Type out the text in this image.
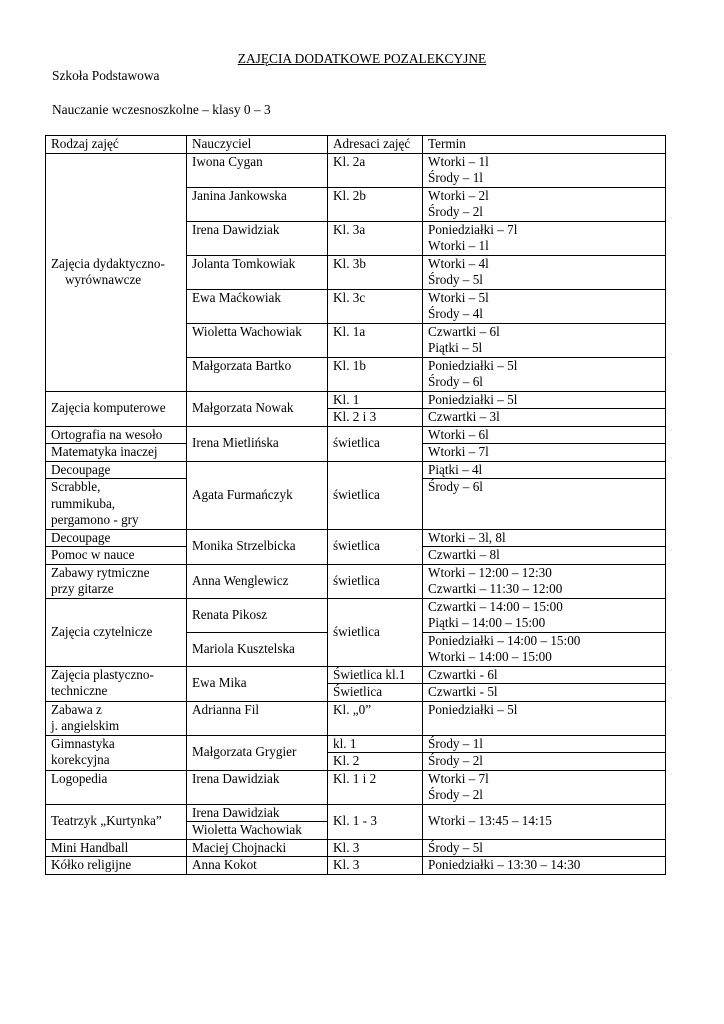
ZAJĘCIA DODATKOWE POZALEKCYJNE
Szkoła Podstawowa
Nauczanie wczesnoszkolne – klasy 0 – 3
Rodzaj zajęć	Nauczyciel	Adresaci zajęć	Termin

Zajęcia dydaktyczno-
wyrównawcze	Iwona Cygan	Kl. 2a	Wtorki – 1l
Środy – 1l

	Janina Jankowska	Kl. 2b	Wtorki – 2l
Środy – 2l

	Irena Dawidziak	Kl. 3a	Poniedziałki – 7l
Wtorki – 1l

	Jolanta Tomkowiak	Kl. 3b	Wtorki – 4l
Środy – 5l

	Ewa Maćkowiak	Kl. 3c	Wtorki – 5l
Środy – 4l

	Wioletta Wachowiak	Kl. 1a	Czwartki – 6l
Piątki – 5l

	Małgorzata Bartko	Kl. 1b	Poniedziałki – 5l
Środy – 6l

Zajęcia komputerowe	Małgorzata Nowak	Kl. 1	Poniedziałki – 5l
		Kl. 2 i 3	Czwartki – 3l
Ortografia na wesoło	Irena Mietlińska	świetlica	Wtorki – 6l
Matematyka inaczej			Wtorki – 7l
Decoupage	Agata Furmańczyk	świetlica	Piątki – 4l

Scrabble,
rummikuba,
pergamono - gry			Środy – 6l
Decoupage	Monika Strzelbicka	świetlica	Wtorki – 3l, 8l
Pomoc w nauce			Czwartki – 8l

Zabawy rytmiczne
przy gitarze	Anna Wenglewicz	świetlica	Wtorki – 12:00 – 12:30
Czwartki – 11:30 – 12:00

Zajęcia czytelnicze	Renata Pikosz	świetlica	Czwartki – 14:00 – 15:00
Piątki – 14:00 – 15:00

	Mariola Kusztelska		Poniedziałki – 14:00 – 15:00
Wtorki – 14:00 – 15:00

Zajęcia plastyczno-
techniczne	Ewa Mika	Świetlica kl.1	Czwartki - 6l
		Świetlica	Czwartki - 5l

Zabawa z
j. angielskim	Adrianna Fil	Kl. „0”	Poniedziałki – 5l

Gimnastyka
korekcyjna	Małgorzata Grygier	kl. 1	Środy – 1l
		Kl. 2	Środy – 2l
Logopedia	Irena Dawidziak	Kl. 1 i 2	Wtorki – 7l
Środy – 2l

Teatrzyk „Kurtynka”	Irena Dawidziak	Kl. 1 - 3	Wtorki – 13:45 – 14:15
	Wioletta Wachowiak		
Mini Handball	Maciej Chojnacki	Kl. 3	Środy – 5l
Kółko religijne	Anna Kokot	Kl. 3	Poniedziałki – 13:30 – 14:30
